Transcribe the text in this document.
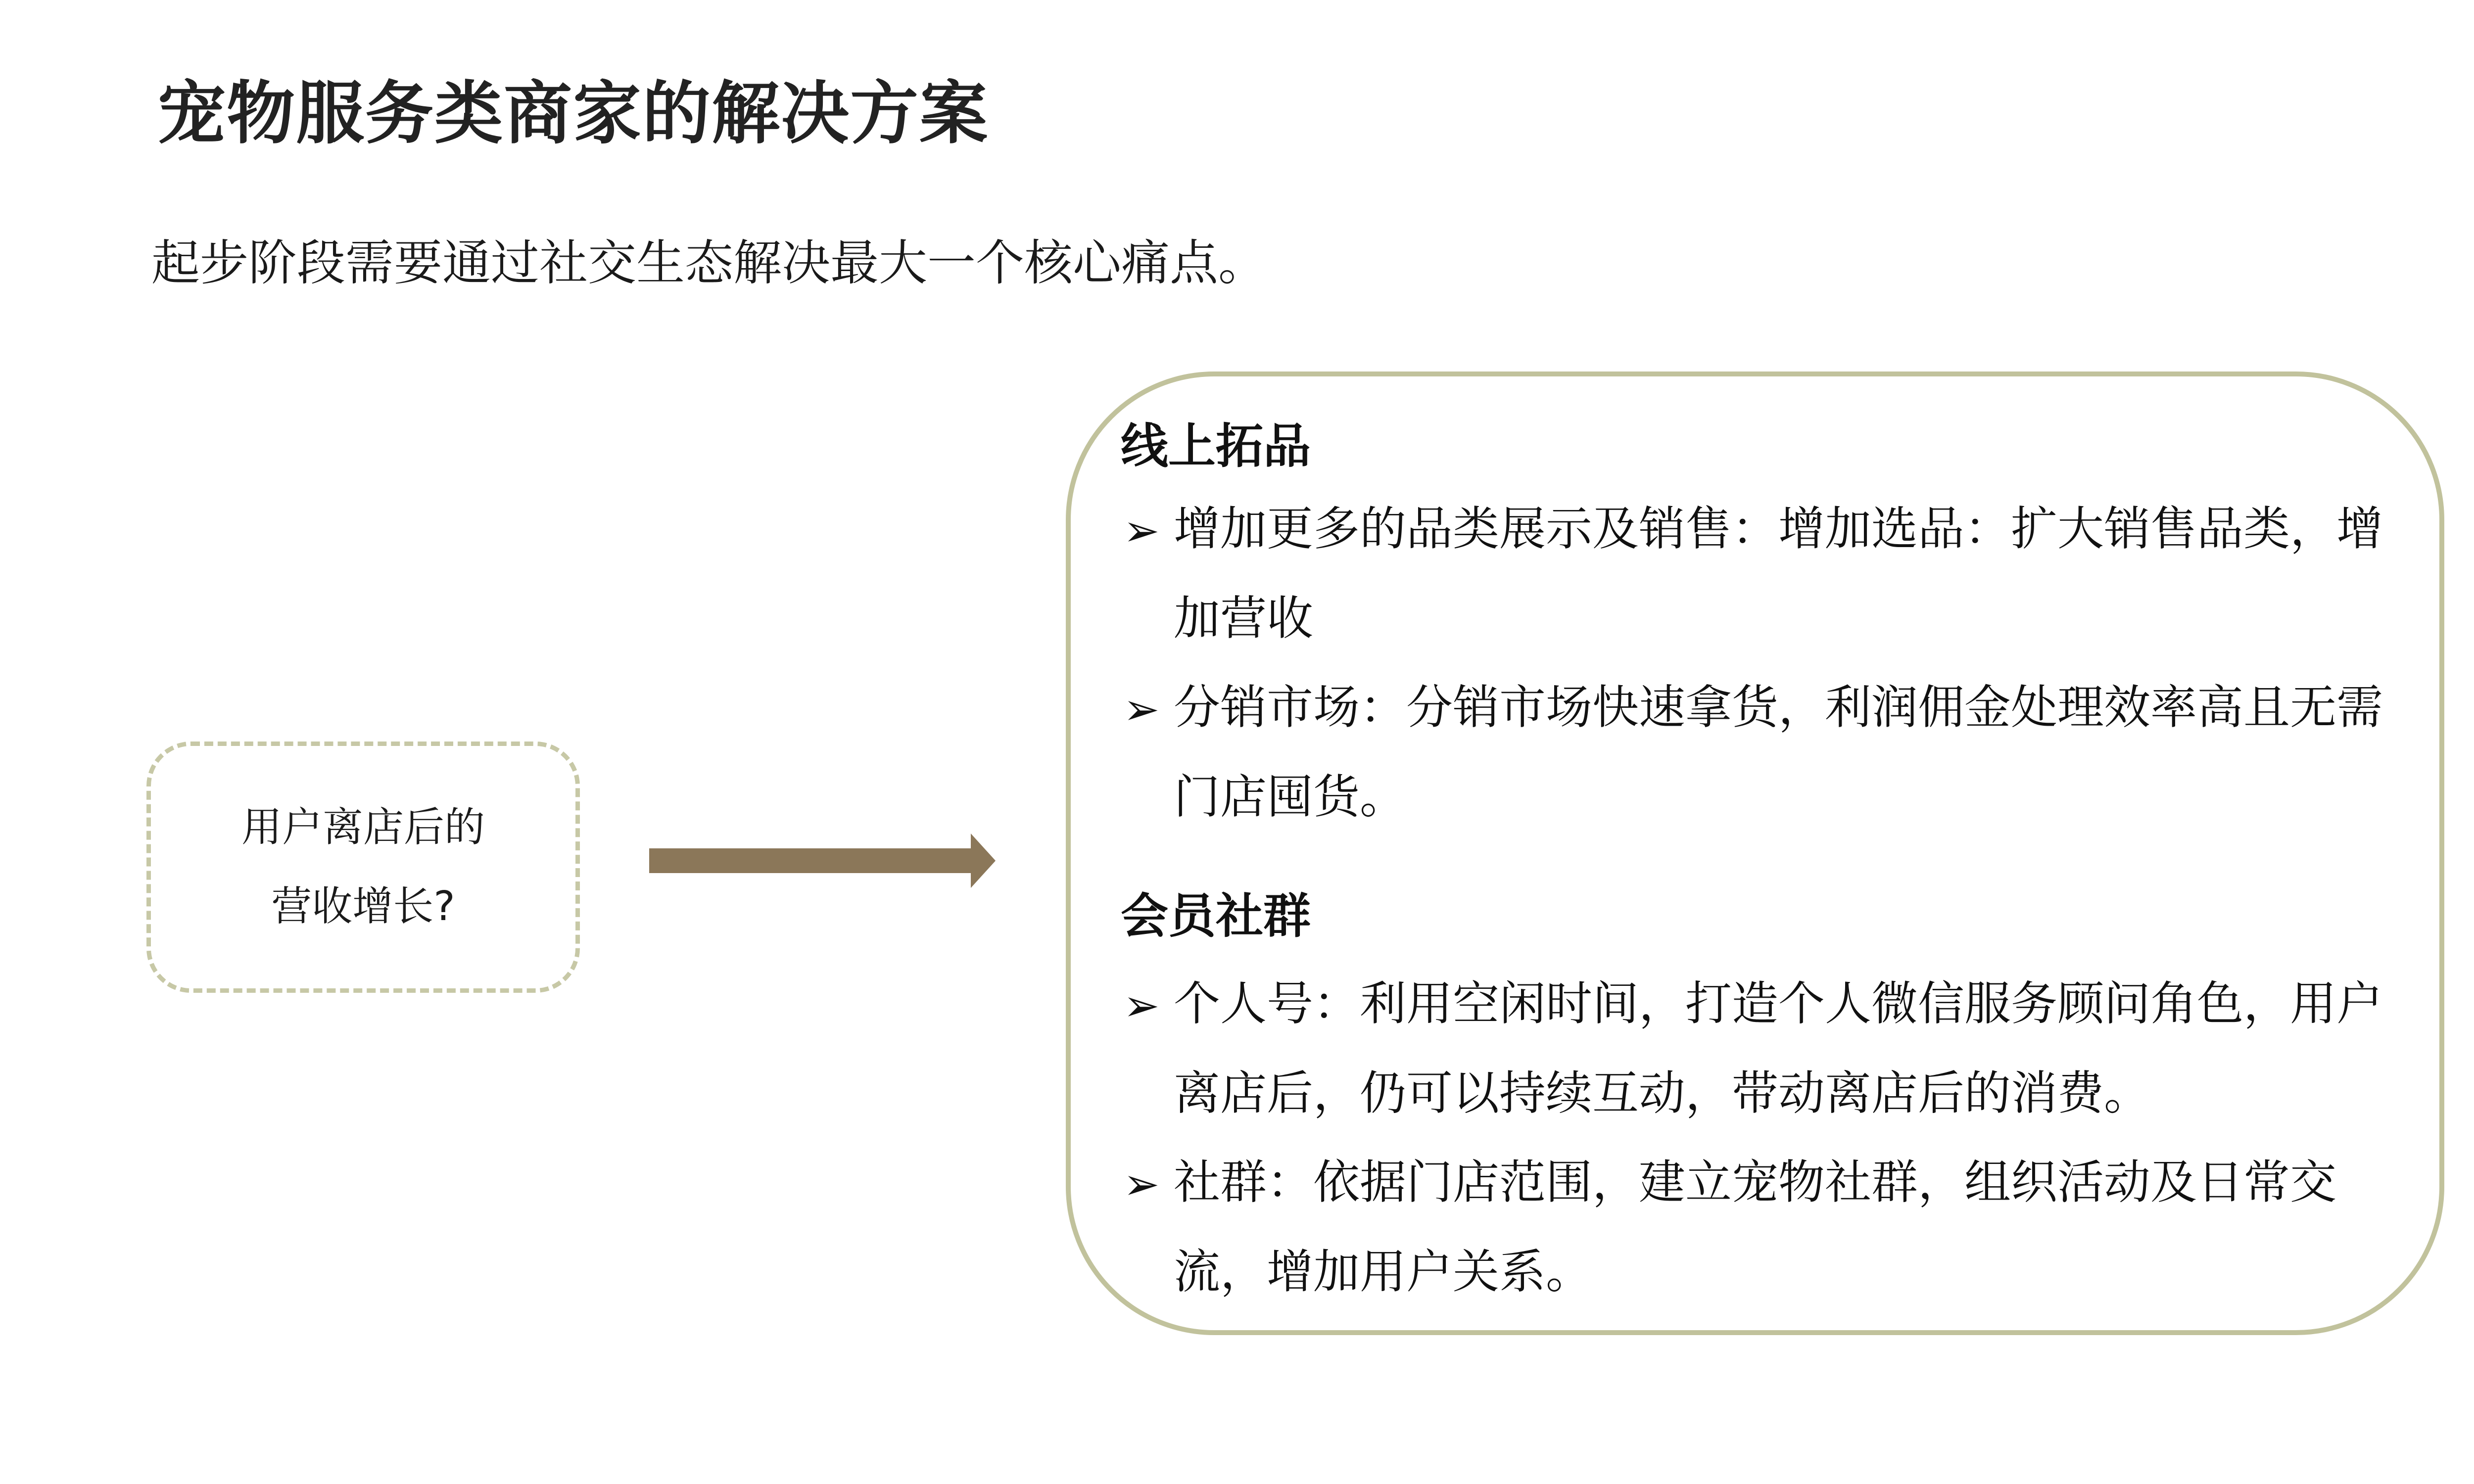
宠物服务类商家的解决方案
起步阶段需要通过社交生态解决最大一个核心痛点。
用户离店后的
营收增长?
线上拓品
➢ 增加更多的品类展示及销售：增加选品：扩大销售品类，增加营收

➢ 分销市场：分销市场快速拿货，利润佣金处理效率高且无需门店囤货。

会员社群
➢ 个人号：利用空闲时间，打造个人微信服务顾问角色，用户离店后，仍可以持续互动，带动离店后的消费。

➢ 社群：依据门店范围，建立宠物社群，组织活动及日常交流，增加用户关系。
